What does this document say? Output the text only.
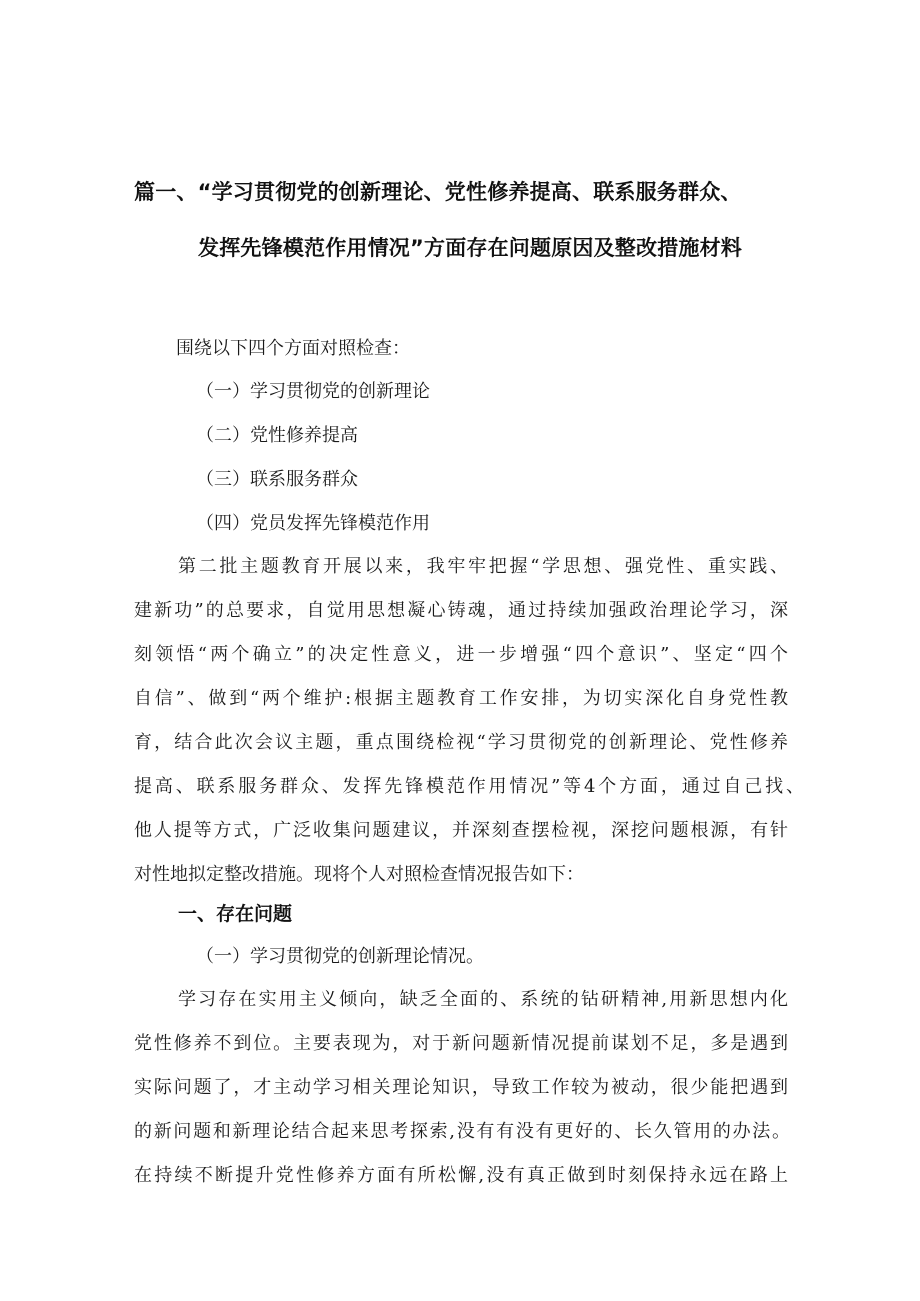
篇一、“学习贯彻党的创新理论、党性修养提高、联系服务群众、
发挥先锋模范作用情况”方面存在问题原因及整改措施材料
围绕以下四个方面对照检查：
（一）学习贯彻党的创新理论
（二）党性修养提高
（三）联系服务群众
（四）党员发挥先锋模范作用
第二批主题教育开展以来，我牢牢把握“学思想、强党性、重实践、
建新功”的总要求，自觉用思想凝心铸魂，通过持续加强政治理论学习，深
刻领悟“两个确立”的决定性意义，进一步增强“四个意识”、坚定“四个
自信”、做到“两个维护:根据主题教育工作安排，为切实深化自身党性教
育，结合此次会议主题，重点围绕检视“学习贯彻党的创新理论、党性修养
提高、联系服务群众、发挥先锋模范作用情况”等4个方面，通过自己找、
他人提等方式，广泛收集问题建议，并深刻查摆检视，深挖问题根源，有针
对性地拟定整改措施。现将个人对照检查情况报告如下：
一、存在问题
（一）学习贯彻党的创新理论情况。
学习存在实用主义倾向，缺乏全面的、系统的钻研精神,用新思想内化
党性修养不到位。主要表现为，对于新问题新情况提前谋划不足，多是遇到
实际问题了，才主动学习相关理论知识，导致工作较为被动，很少能把遇到
的新问题和新理论结合起来思考探索,没有有没有更好的、长久管用的办法。
在持续不断提升党性修养方面有所松懈,没有真正做到时刻保持永远在路上
